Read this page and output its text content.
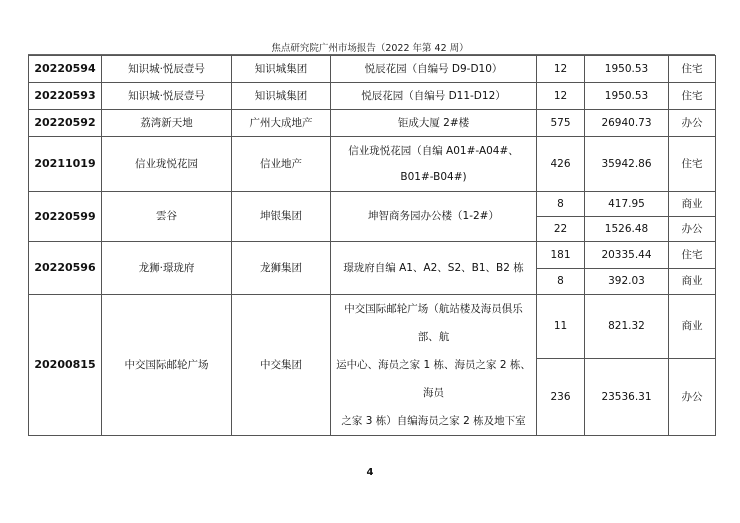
焦点研究院广州市场报告（2022 年第 42 周）
20220594	知识城·悦辰壹号	知识城集团	悦辰花园（自编号 D9-D10）	12	1950.53	住宅
20220593	知识城·悦辰壹号	知识城集团	悦辰花园（自编号 D11-D12）	12	1950.53	住宅
20220592	荔湾新天地	广州大成地产	钜成大厦 2#楼	575	26940.73	办公
20211019	信业珑悦花园	信业地产	信业珑悦花园（自编 A01#-A04#、
B01#-B04#)	426	35942.86	住宅
20220599	雲谷	坤银集团	坤智商务园办公楼（1-2#）	8	417.95	商业
				22	1526.48	办公
20220596	龙狮·璟珑府	龙狮集团	璟珑府自编 A1、A2、S2、B1、B2 栋	181	20335.44	住宅
				8	392.03	商业
20200815	中交国际邮轮广场	中交集团	中交国际邮轮广场（航站楼及海员俱乐部、航
运中心、海员之家 1 栋、海员之家 2 栋、海员
之家 3 栋）自编海员之家 2 栋及地下室	11	821.32	商业
				236	23536.31	办公
4
